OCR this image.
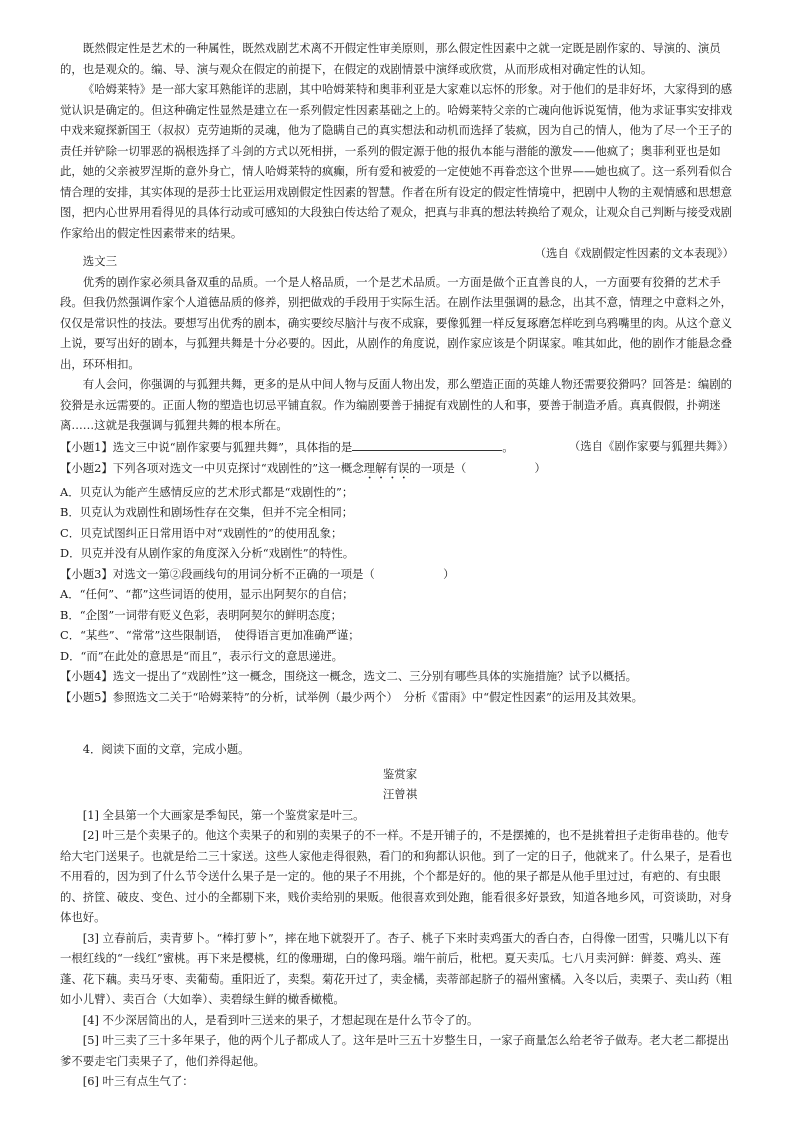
既然假定性是艺术的一种属性，既然戏剧艺术离不开假定性审美原则，那么假定性因素中之就一定既是剧作家的、导演的、演员的，也是观众的。编、导、演与观众在假定的前提下，在假定的戏剧情景中演绎或欣赏，从而形成相对确定性的认知。

《哈姆莱特》是一部大家耳熟能详的悲剧，其中哈姆莱特和奥菲利亚是大家难以忘怀的形象。对于他们的是非好坏，大家得到的感觉认识是确定的。但这种确定性显然是建立在一系列假定性因素基础之上的。哈姆莱特父亲的亡魂向他诉说冤情，他为求证事实安排戏中戏来窥探新国王（叔叔）克劳迪斯的灵魂，他为了隐瞒自己的真实想法和动机而选择了装疯，因为自己的情人，他为了尽一个王子的责任并铲除一切罪恶的祸根选择了斗剑的方式以死相拼，一系列的假定源于他的报仇本能与潜能的激发——他疯了；奥菲利亚也是如此，她的父亲被罗涅斯的意外身亡，情人哈姆莱特的疯癫，所有爱和被爱的一定使她不再眷恋这个世界——她也疯了。这一系列看似合情合理的安排，其实体现的是莎士比亚运用戏剧假定性因素的智慧。作者在所有设定的假定性情境中，把剧中人物的主观情感和思想意图，把内心世界用看得见的具体行动或可感知的大段独白传达给了观众，把真与非真的想法转换给了观众，让观众自己判断与接受戏剧作家给出的假定性因素带来的结果。

（选自《戏剧假定性因素的文本表现》）

选文三

优秀的剧作家必须具备双重的品质。一个是人格品质，一个是艺术品质。一方面是做个正直善良的人，一方面要有狡猾的艺术手段。但我仍然强调作家个人道德品质的修养，别把做戏的手段用于实际生活。在剧作法里强调的悬念，出其不意，情理之中意料之外，仅仅是常识性的技法。要想写出优秀的剧本，确实要绞尽脑汁与夜不成寐，要像狐狸一样反复琢磨怎样吃到乌鸦嘴里的肉。从这个意义上说，要写出好的剧本，与狐狸共舞是十分必要的。因此，从剧作的角度说，剧作家应该是个阴谋家。唯其如此，他的剧作才能悬念叠出，环环相扣。

有人会问，你强调的与狐狸共舞，更多的是从中间人物与反面人物出发，那么塑造正面的英雄人物还需要狡猾吗？回答是：编剧的狡猾是永远需要的。正面人物的塑造也切忌平铺直叙。作为编剧要善于捕捉有戏剧性的人和事，要善于制造矛盾。真真假假，扑朔迷离……这就是我强调与狐狸共舞的根本所在。

（选自《剧作家要与狐狸共舞》）

【小题1】选文三中说“剧作家要与狐狸共舞”，具体指的是	。

【小题2】下列各项对选文一中贝克探讨“戏剧性的”这一概念理解有误的一项是（　　　　　　）

A．贝克认为能产生感情反应的艺术形式都是“戏剧性的”；

B．贝克认为戏剧性和剧场性存在交集，但并不完全相同；

C．贝克试图纠正日常用语中对“戏剧性的”的使用乱象；

D．贝克并没有从剧作家的角度深入分析“戏剧性”的特性。

【小题3】对选文一第②段画线句的用词分析不正确的一项是（　　　　　　）

A．“任何”、“都”这些词语的使用，显示出阿契尔的自信；

B．“企图”一词带有贬义色彩，表明阿契尔的鲜明态度；

C．“某些”、“常常”这些限制语，　使得语言更加准确严谨；

D．“而”在此处的意思是“而且”，表示行文的意思递进。

【小题4】选文一提出了“戏剧性”这一概念，围绕这一概念，选文二、三分别有哪些具体的实施措施？试予以概括。

【小题5】参照选文二关于“哈姆莱特”的分析，试举例（最少两个）　分析《雷雨》中“假定性因素”的运用及其效果。

4．阅读下面的文章，完成小题。

鉴赏家

汪曾祺

[1] 全县第一个大画家是季匋民，第一个鉴赏家是叶三。

[2] 叶三是个卖果子的。他这个卖果子的和别的卖果子的不一样。不是开铺子的，不是摆摊的，也不是挑着担子走街串巷的。他专给大宅门送果子。也就是给二三十家送。这些人家他走得很熟，看门的和狗都认识他。到了一定的日子，他就来了。什么果子，是看也不用看的，因为到了什么节令送什么果子是一定的。他的果子不用挑，个个都是好的。他的果子都是从他手里过过，有疤的、有虫眼的、挤筐、破皮、变色、过小的全都剔下来，贱价卖给别的果贩。他很喜欢到处跑，能看很多好景致，知道各地乡风，可资谈助，对身体也好。

[3] 立春前后，卖青萝卜。“棒打萝卜”，摔在地下就裂开了。杏子、桃子下来时卖鸡蛋大的香白杏，白得像一团雪，只嘴儿以下有一根红线的“一线红”蜜桃。再下来是樱桃，红的像珊瑚，白的像玛瑙。端午前后，枇杷。夏天卖瓜。七八月卖河鲜：鲜菱、鸡头、莲蓬、花下藕。卖马牙枣、卖葡萄。重阳近了，卖梨。菊花开过了，卖金橘，卖蒂部起脐子的福州蜜橘。入冬以后，卖栗子、卖山药（粗如小儿臂）、卖百合（大如拳）、卖碧绿生鲜的橄香橄榄。

[4] 不少深居简出的人，是看到叶三送来的果子，才想起现在是什么节令了的。

[5] 叶三卖了三十多年果子，他的两个儿子都成人了。这年是叶三五十岁整生日，一家子商量怎么给老爷子做寿。老大老二都提出爹不要走宅门卖果子了，他们养得起他。

[6] 叶三有点生气了：
